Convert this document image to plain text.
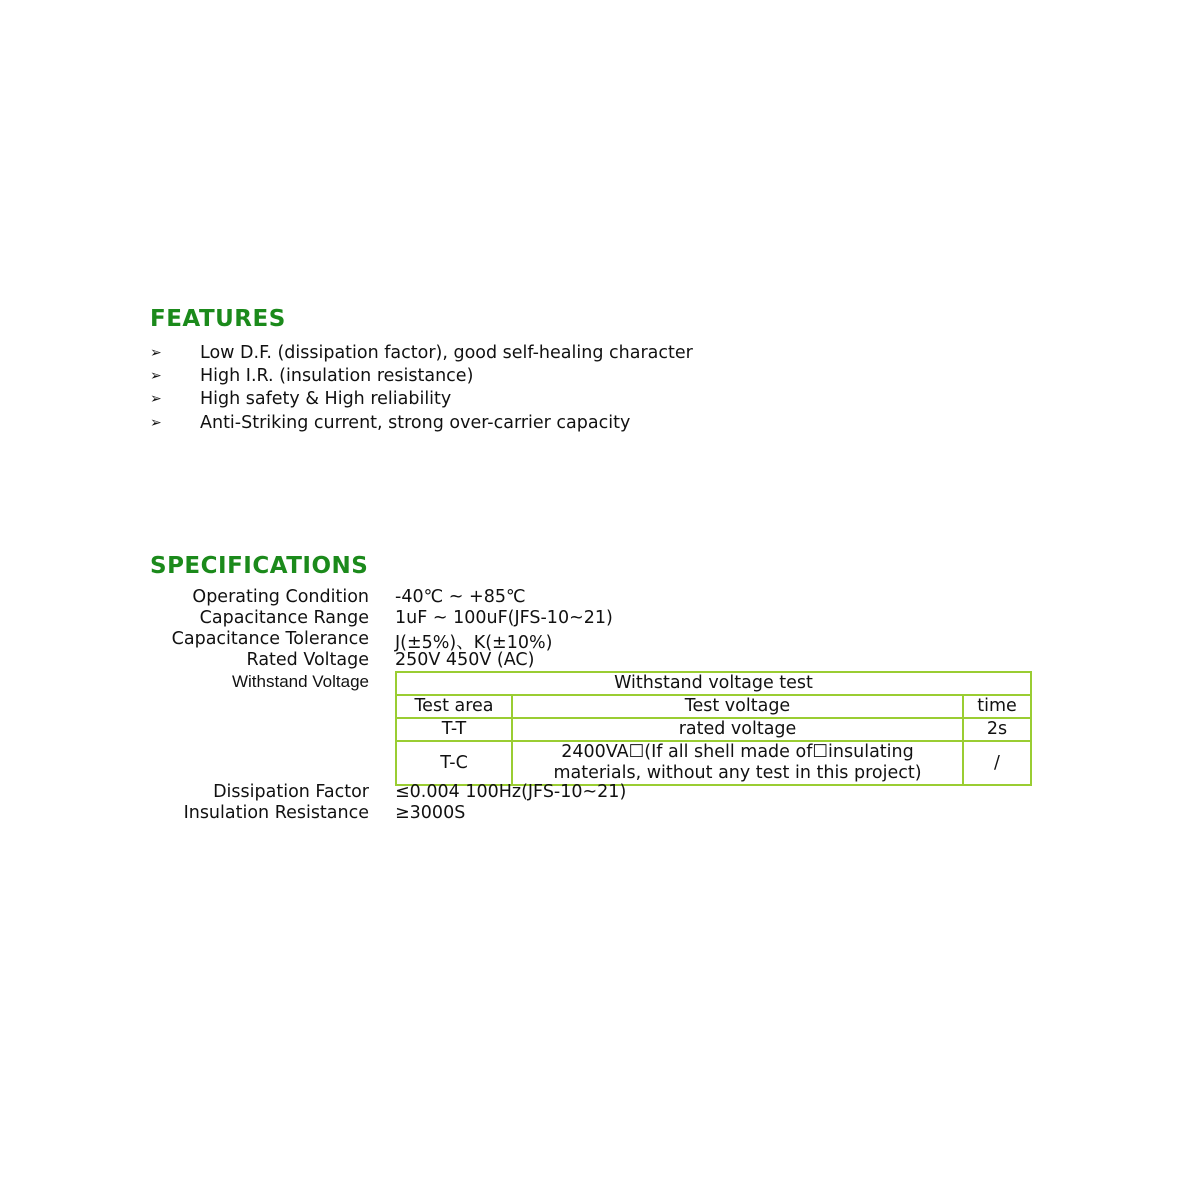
FEATURES
➢	Low D.F. (dissipation factor), good self-healing character
➢	High I.R. (insulation resistance)
➢	High safety & High reliability
➢	Anti-Striking current, strong over-carrier capacity
SPECIFICATIONS
Operating Condition -40℃ ~ +85℃
Capacitance Range 1uF ~ 100uF(JFS-10~21)
Capacitance Tolerance J(±5%)、K(±10%)
Rated Voltage 250V 450V (AC)
Withstand Voltage	Withstand voltage test		
Test area	Test voltage	time
T-T	rated voltage	2s
T-C	2400VA☐(If all shell made of☐insulating materials, without any test in this project)	/
Dissipation Factor ≤0.004 100Hz(JFS-10~21)
Insulation Resistance ≥3000S
